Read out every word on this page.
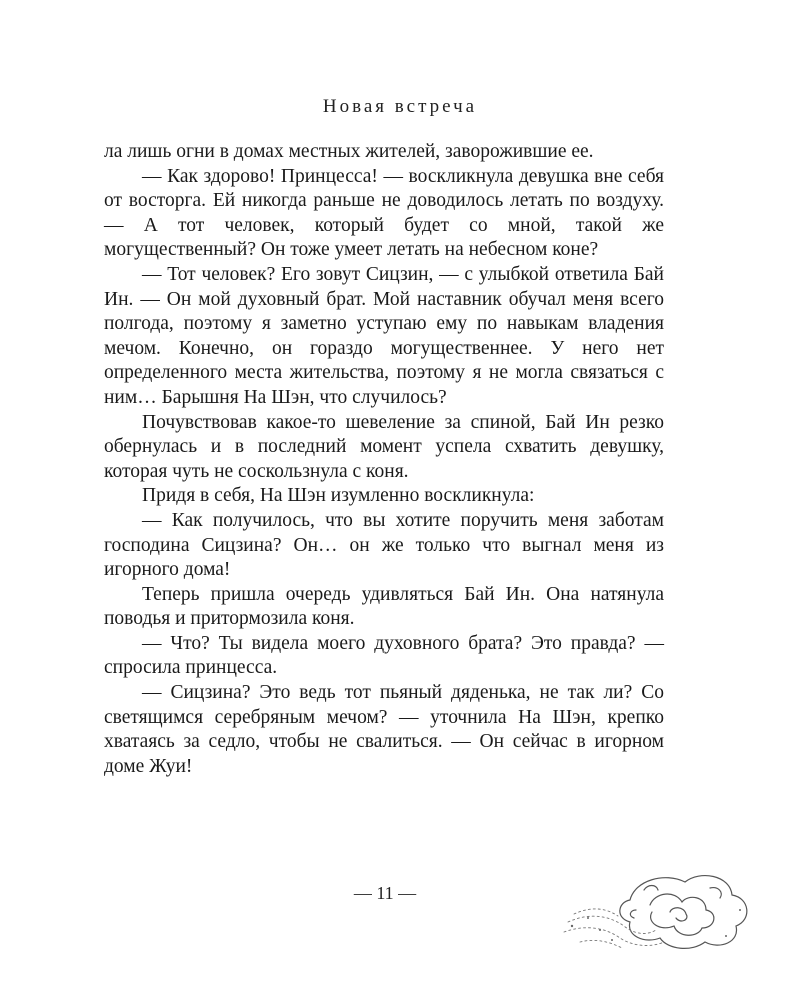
Новая встреча

ла лишь огни в домах местных жителей, заворожившие ее.

— Как здорово! Принцесса! — воскликнула девушка вне себя от восторга. Ей никогда раньше не доводилось летать по воздуху. — А тот человек, который будет со мной, такой же могущественный? Он тоже умеет летать на небесном коне?

— Тот человек? Его зовут Сицзин, — с улыбкой ответила Бай Ин. — Он мой духовный брат. Мой наставник обучал меня всего полгода, поэтому я заметно уступаю ему по навыкам владения мечом. Конечно, он гораздо могущественнее. У него нет определенного места жительства, поэтому я не могла связаться с ним… Барышня На Шэн, что случилось?

Почувствовав какое-то шевеление за спиной, Бай Ин резко обернулась и в последний момент успела схватить девушку, которая чуть не соскользнула с коня.

Придя в себя, На Шэн изумленно воскликнула:

— Как получилось, что вы хотите поручить меня заботам господина Сицзина? Он… он же только что выгнал меня из игорного дома!

Теперь пришла очередь удивляться Бай Ин. Она натянула поводья и притормозила коня.

— Что? Ты видела моего духовного брата? Это правда? — спросила принцесса.

— Сицзина? Это ведь тот пьяный дяденька, не так ли? Со светящимся серебряным мечом? — уточнила На Шэн, крепко хватаясь за седло, чтобы не свалиться. — Он сейчас в игорном доме Жуи!

— 11 —
